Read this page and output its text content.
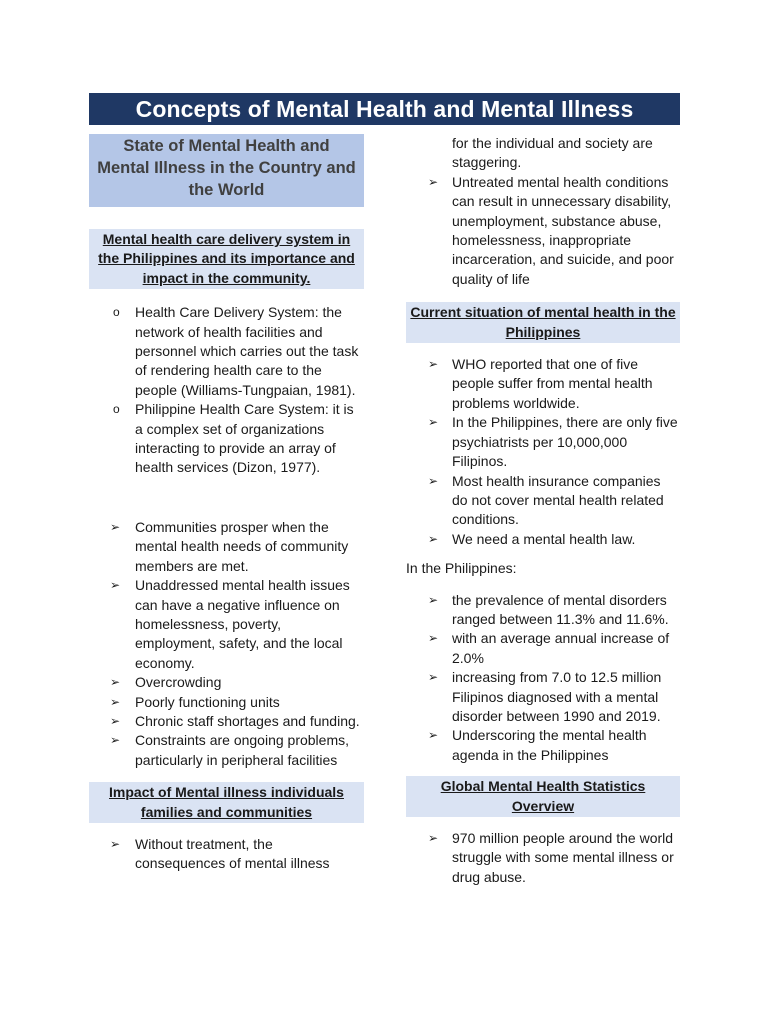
Concepts of Mental Health and Mental Illness
State of Mental Health and Mental Illness in the Country and the World
Mental health care delivery system in the Philippines and its importance and impact in the community.
o Health Care Delivery System: the network of health facilities and personnel which carries out the task of rendering health care to the people (Williams-Tungpaian, 1981).
o Philippine Health Care System: it is a complex set of organizations interacting to provide an array of health services (Dizon, 1977).
➢ Communities prosper when the mental health needs of community members are met.
➢ Unaddressed mental health issues can have a negative influence on homelessness, poverty, employment, safety, and the local economy.
➢ Overcrowding
➢ Poorly functioning units
➢ Chronic staff shortages and funding.
➢ Constraints are ongoing problems, particularly in peripheral facilities
Impact of Mental illness individuals families and communities
➢ Without treatment, the consequences of mental illness
for the individual and society are staggering.
➢ Untreated mental health conditions can result in unnecessary disability, unemployment, substance abuse, homelessness, inappropriate incarceration, and suicide, and poor quality of life
Current situation of mental health in the Philippines
➢ WHO reported that one of five people suffer from mental health problems worldwide.
➢ In the Philippines, there are only five psychiatrists per 10,000,000 Filipinos.
➢ Most health insurance companies do not cover mental health related conditions.
➢ We need a mental health law.

In the Philippines:

➢ the prevalence of mental disorders ranged between 11.3% and 11.6%.
➢ with an average annual increase of 2.0%
➢ increasing from 7.0 to 12.5 million Filipinos diagnosed with a mental disorder between 1990 and 2019.
➢ Underscoring the mental health agenda in the Philippines
Global Mental Health Statistics Overview
➢ 970 million people around the world struggle with some mental illness or drug abuse.
